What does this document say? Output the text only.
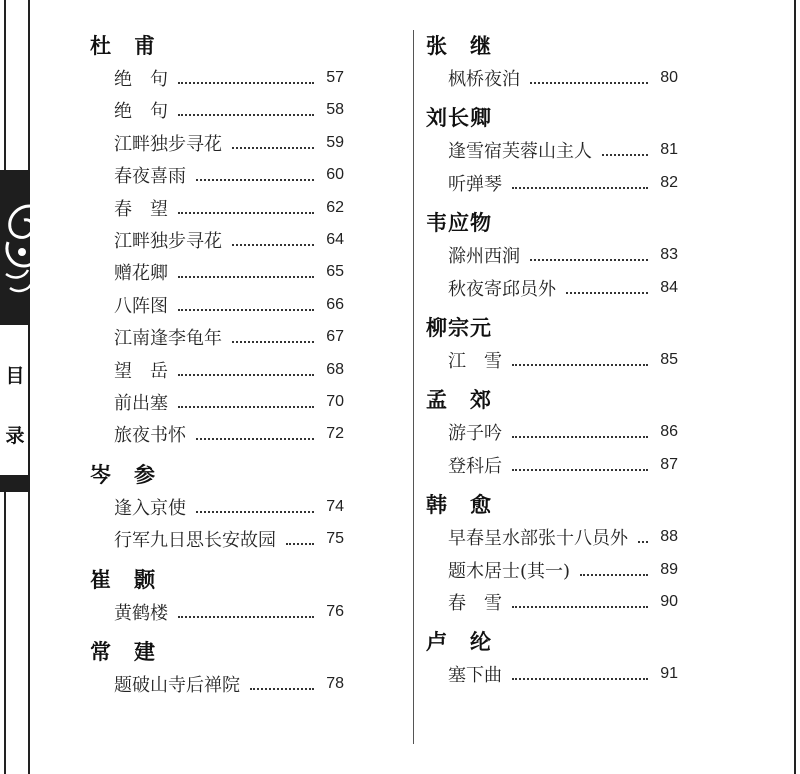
目
录
杜　甫
绝　句	57
绝　句	58
江畔独步寻花	59
春夜喜雨	60
春　望	62
江畔独步寻花	64
赠花卿	65
八阵图	66
江南逢李龟年	67
望　岳	68
前出塞	70
旅夜书怀	72
岑　参
逢入京使	74
行军九日思长安故园	75
崔　颢
黄鹤楼	76
常　建
题破山寺后禅院	78
张　继
枫桥夜泊	80
刘长卿
逢雪宿芙蓉山主人	81
听弹琴	82
韦应物
滁州西涧	83
秋夜寄邱员外	84
柳宗元
江　雪	85
孟　郊
游子吟	86
登科后	87
韩　愈
早春呈水部张十八员外 88
题木居士(其一)	89
春　雪	90
卢　纶
塞下曲	91
